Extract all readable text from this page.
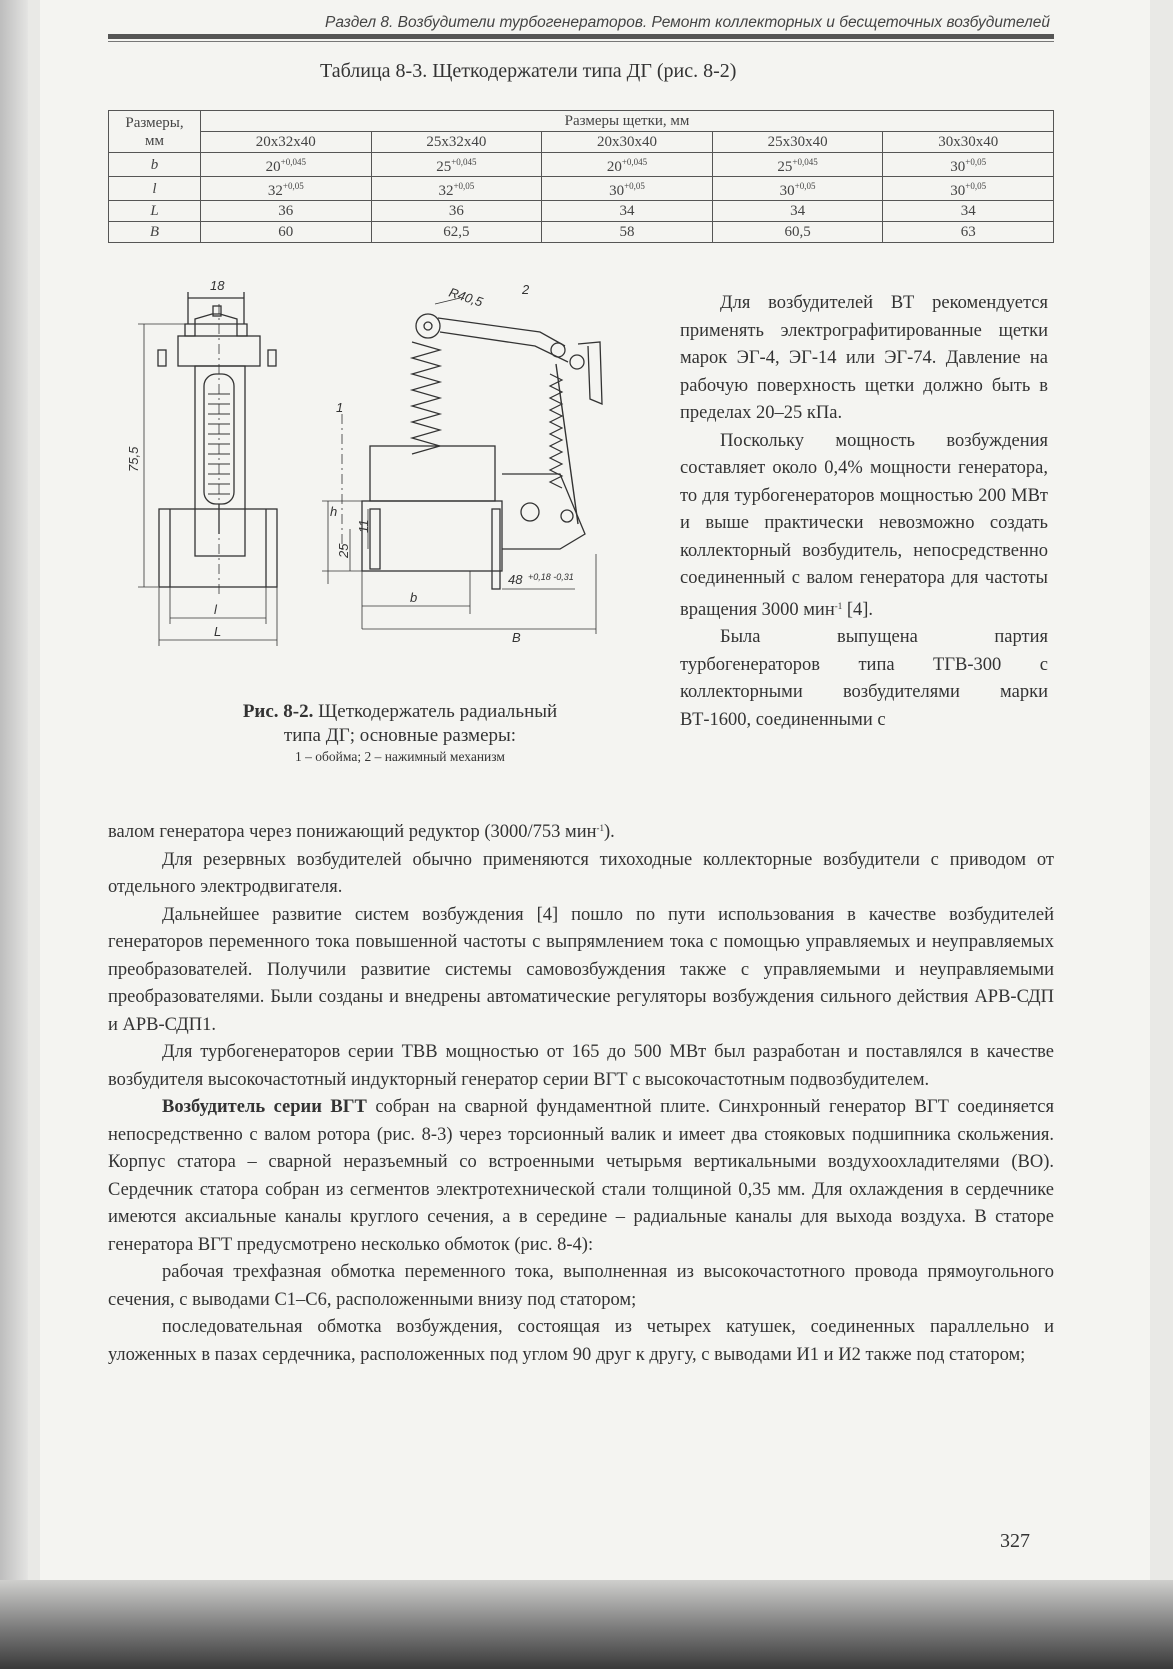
Раздел 8. Возбудители турбогенераторов. Ремонт коллекторных и бесщеточных возбудителей
Таблица 8-3. Щеткодержатели типа ДГ (рис. 8-2)
Размеры,
мм	Размеры щетки, мм				
	20x32x40	25x32x40	20x30x40	25x30x40	30x30x40
b	$20^{+0,045}$	$25^{+0,045}$	$20^{+0,045}$	$25^{+0,045}$	$30^{+0,05}$
l	$32^{+0,05}$	$32^{+0,05}$	$30^{+0,05}$	$30^{+0,05}$	$30^{+0,05}$
L	36	36	34	34	34
B	60	62,5	58	60,5	63
18
75,5
l
L
R40,5	2
1
h
25
11
b
B
48 +0,18 -0,31
Рис. 8-2. Щеткодержатель радиальный
типа ДГ; основные размеры:
1 – обойма; 2 – нажимный механизм

Для возбудителей ВТ рекомендуется применять электрографитированные щетки марок ЭГ-4, ЭГ-14 или ЭГ-74. Давление на рабочую поверхность щетки должно быть в пределах 20–25 кПа.

Поскольку мощность возбуждения составляет около 0,4% мощности генератора, то для турбогенераторов мощностью 200 МВт и выше практически невозможно создать коллекторный возбудитель, непосредственно соединенный с валом генератора для частоты вращения 3000 мин$^{-1}$ [4].

Была выпущена партия турбогенераторов типа ТГВ-300 с коллекторными возбудителями марки ВТ-1600, соединенными с

валом генератора через понижающий редуктор (3000/753 мин$^{-1}$).

Для резервных возбудителей обычно применяются тихоходные коллекторные возбудители с приводом от отдельного электродвигателя.

Дальнейшее развитие систем возбуждения [4] пошло по пути использования в качестве возбудителей генераторов переменного тока повышенной частоты с выпрямлением тока с помощью управляемых и неуправляемых преобразователей. Получили развитие системы самовозбуждения также с управляемыми и неуправляемыми преобразователями. Были созданы и внедрены автоматические регуляторы возбуждения сильного действия АРВ-СДП и АРВ-СДП1.

Для турбогенераторов серии ТВВ мощностью от 165 до 500 МВт был разработан и поставлялся в качестве возбудителя высокочастотный индукторный генератор серии ВГТ с высокочастотным подвозбудителем.

Возбудитель серии ВГТ собран на сварной фундаментной плите. Синхронный генератор ВГТ соединяется непосредственно с валом ротора (рис. 8-3) через торсионный валик и имеет два стояковых подшипника скольжения. Корпус статора – сварной неразъемный со встроенными четырьмя вертикальными воздухоохладителями (ВО). Сердечник статора собран из сегментов электротехнической стали толщиной 0,35 мм. Для охлаждения в сердечнике имеются аксиальные каналы круглого сечения, а в середине – радиальные каналы для выхода воздуха. В статоре генератора ВГТ предусмотрено несколько обмоток (рис. 8-4):

рабочая трехфазная обмотка переменного тока, выполненная из высокочастотного провода прямоугольного сечения, с выводами С1–С6, расположенными внизу под статором;

последовательная обмотка возбуждения, состоящая из четырех катушек, соединенных параллельно и уложенных в пазах сердечника, расположенных под углом 90 друг к другу, с выводами И1 и И2 также под статором;

327
